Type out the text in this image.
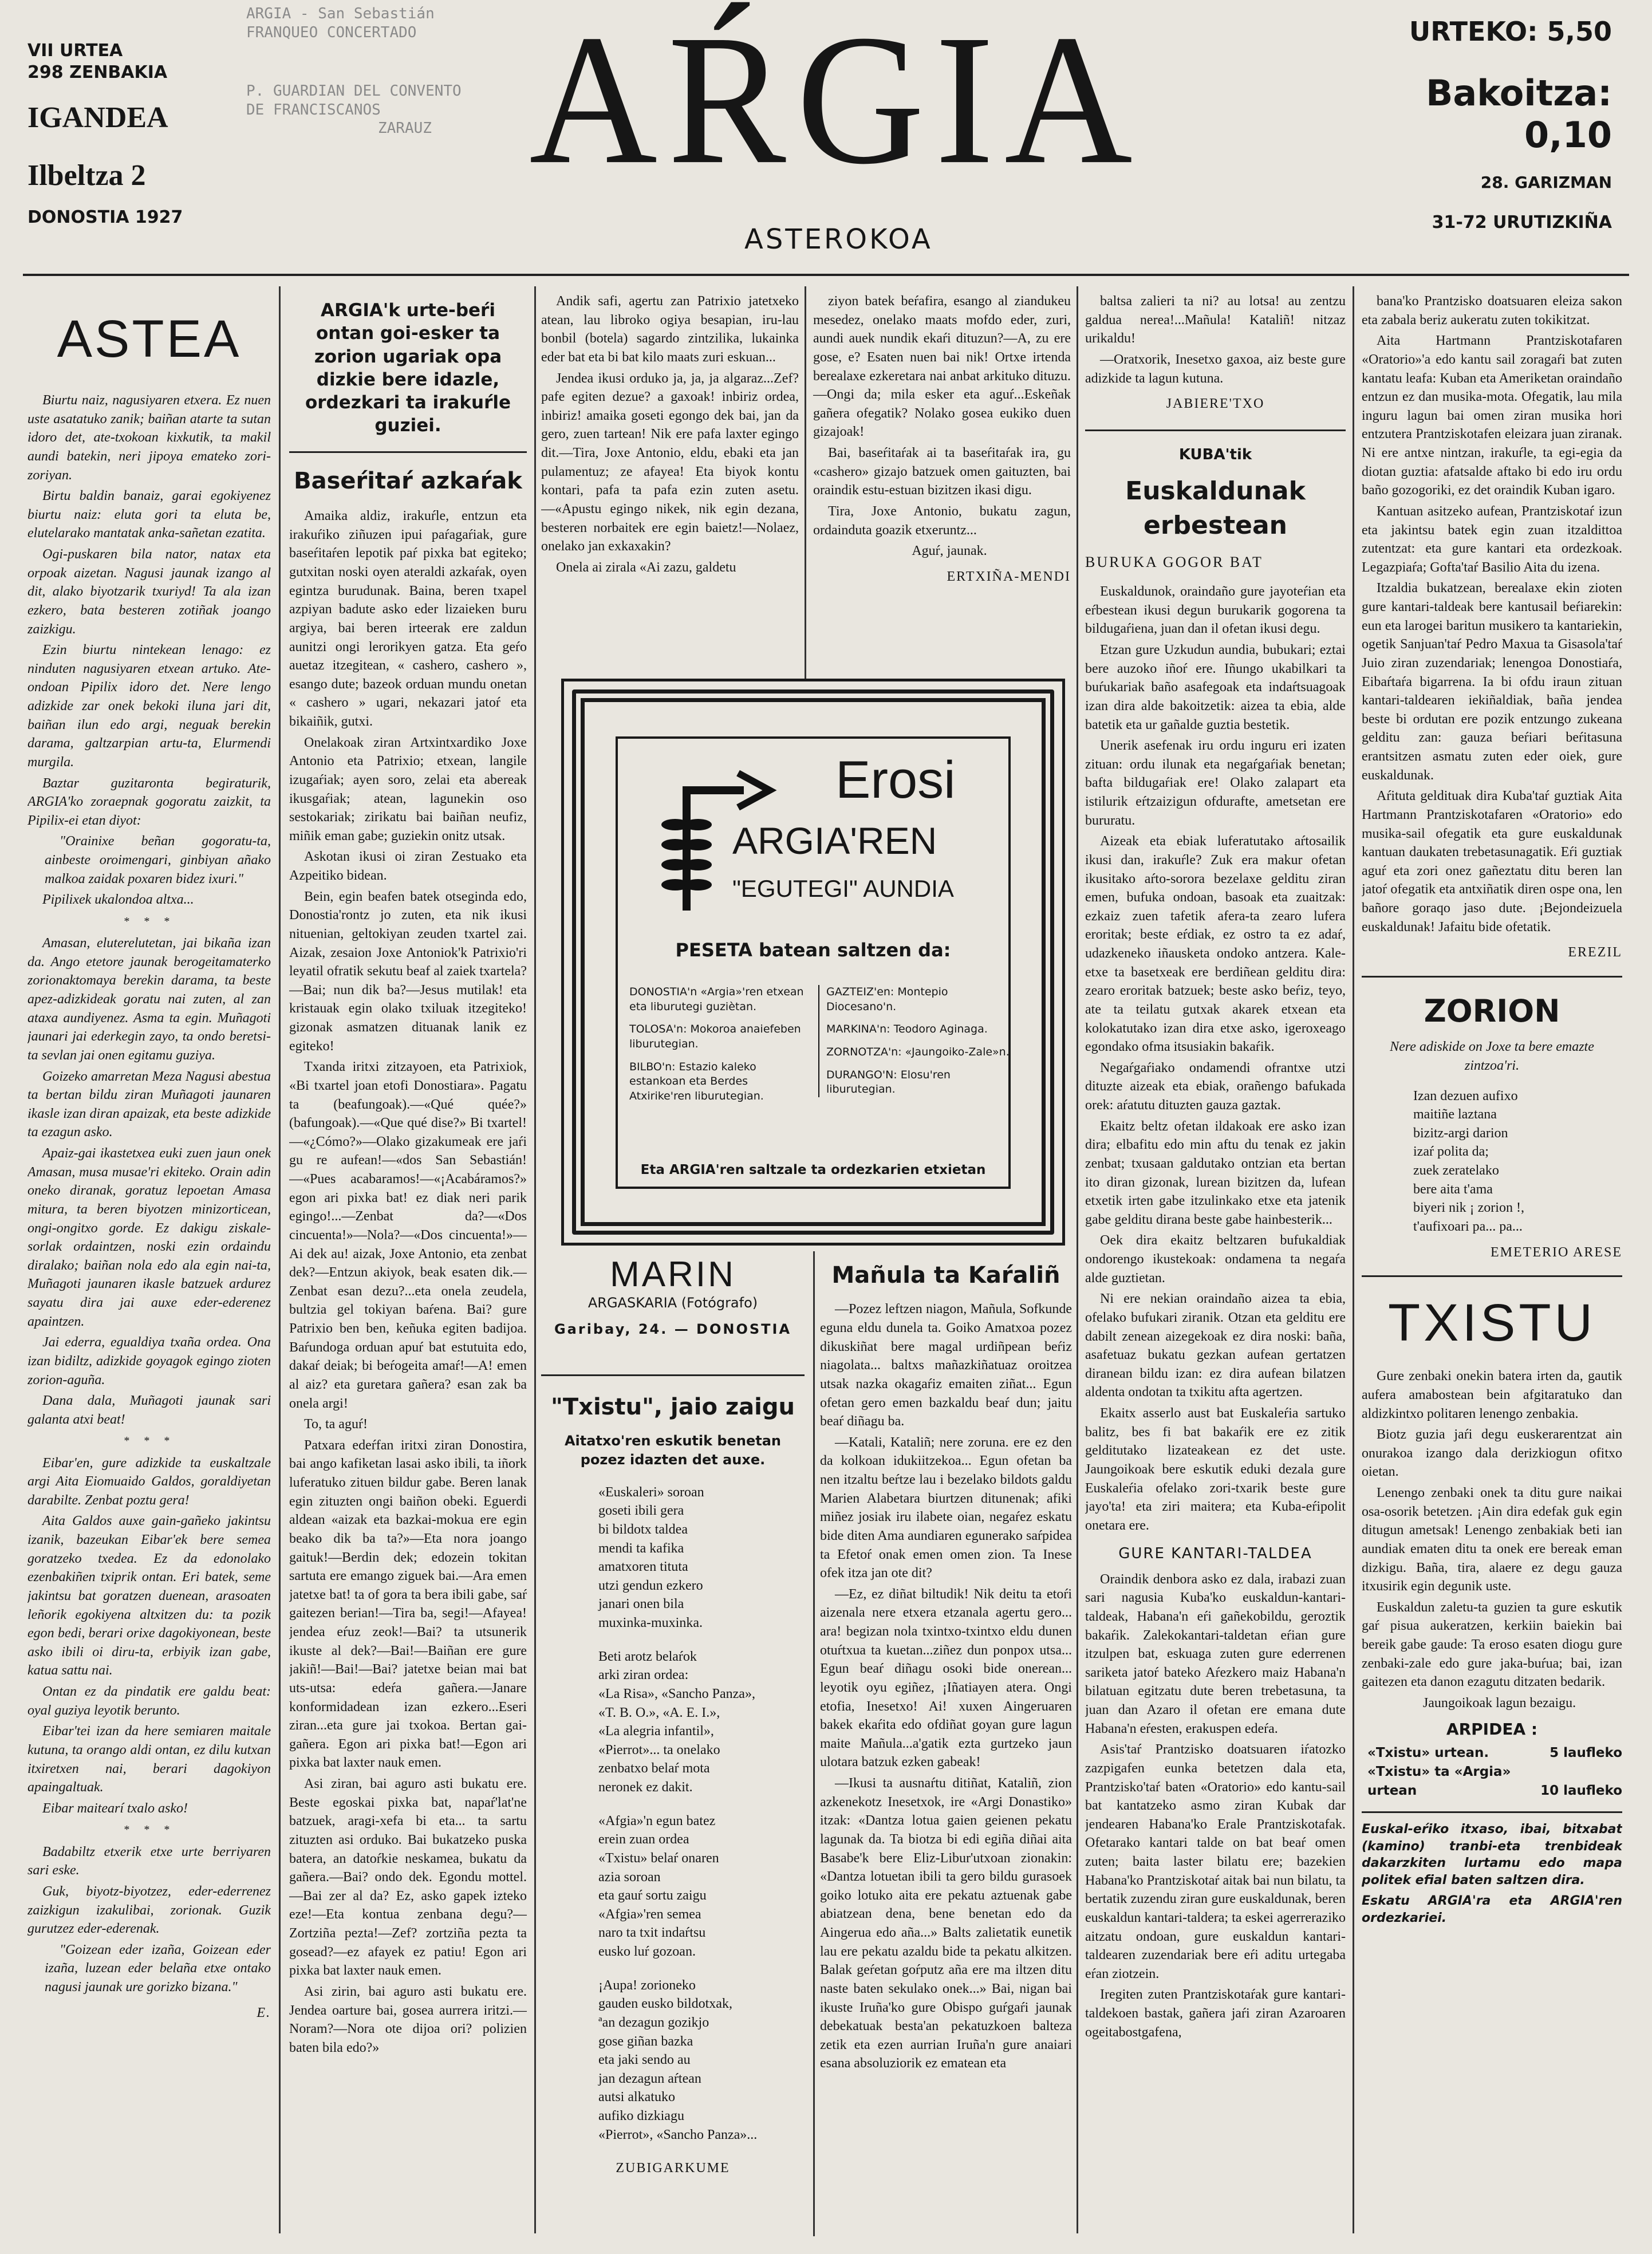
VII URTEA
298 ZENBAKIA
IGANDEA
Ilbeltza 2
DONOSTIA 1927
ARGIA - San Sebastián
FRANQUEO CONCERTADO
P. GUARDIAN DEL CONVENTO
DE FRANCISCANOS
ZARAUZ AŔGIA
ASTEROKOA
URTEKO: 5,50
Bakoitza: 0,10
28. GARIZMAN
31-72 URUTIZKIÑA
ASTEA

Biurtu naiz, nagusiyaren etxera. Ez nuen uste asatatuko zanik; baiñan atarte ta sutan idoro det, ate-txokoan kixkutik, ta makil aundi batekin, neri jipoya emateko zori-zoriyan.

Birtu baldin banaiz, garai egokiyenez biurtu naiz: eluta gori ta eluta be, elutelarako mantatak anka-sañetan ezatita.

Ogi-puskaren bila nator, natax eta orpoak aizetan. Nagusi jaunak izango al dit, alako biyotzarik txuriyd! Ta ala izan ezkero, bata besteren zotiñak joango zaizkigu.

Ezin biurtu nintekean lenago: ez ninduten nagusiyaren etxean artuko. Ate-ondoan Pipilix idoro det. Nere lengo adizkide zar onek bekoki iluna jari dit, baiñan ilun edo argi, neguak berekin darama, galtzarpian artu-ta, Elurmendi murgila.

Baztar guzitaronta begiraturik, ARGIA'ko zoraepnak gogoratu zaizkit, ta Pipilix-ei etan diyot:

"Orainixe beñan gogoratu-ta, ainbeste oroimengari, ginbiyan añako malkoa zaidak poxaren bidez ixuri."

Pipilixek ukalondoa altxa...

* * *

Amasan, eluterelutetan, jai bikaña izan da. Ango etetore jaunak berogeitamaterko zorionaktomaya berekin darama, ta beste apez-adizkideak goratu nai zuten, al zan ataxa aundiyenez. Asma ta egin. Muñagoti jaunari jai ederkegin zayo, ta ondo beretsi-ta sevlan jai onen egitamu guziya.

Goizeko amarretan Meza Nagusi abestua ta bertan bildu ziran Muñagoti jaunaren ikasle izan diran apaizak, eta beste adizkide ta ezagun asko.

Apaiz-gai ikastetxea euki zuen jaun onek Amasan, musa musae'ri ekiteko. Orain adin oneko diranak, goratuz lepoetan Amasa mitura, ta beren biyotzen minizorticean, ongi-ongitxo gorde. Ez dakigu ziskale-sorlak ordaintzen, noski ezin ordaindu diralako; baiñan nola edo ala egin nai-ta, Muñagoti jaunaren ikasle batzuek ardurez sayatu dira jai auxe eder-ederenez apaintzen.

Jai ederra, egualdiya txaña ordea. Ona izan bidiltz, adizkide goyagok egingo zioten zorion-aguña.

Dana dala, Muñagoti jaunak sari galanta atxi beat!

* * *

Eibar'en, gure adizkide ta euskaltzale argi Aita Eiomuaido Galdos, goraldiyetan darabilte. Zenbat poztu gera!

Aita Galdos auxe gain-gañeko jakintsu izanik, bazeukan Eibar'ek bere semea goratzeko txedea. Ez da edonolako ezenbakiñen txiprik ontan. Eri batek, seme jakintsu bat goratzen duenean, arasoaten leñorik egokiyena altxitzen du: ta pozik egon bedi, berari orixe dagokiyonean, beste asko ibili oi diru-ta, erbiyik izan gabe, katua sattu nai.

Ontan ez da pindatik ere galdu beat: oyal guziya leyotik berunto.

Eibar'tei izan da here semiaren maitale kutuna, ta orango aldi ontan, ez dilu kutxan itxiretxen nai, berari dagokiyon apaingaltuak.

Eibar maitearí txalo asko!

* * *

Badabiltz etxerik etxe urte berriyaren sari eske.

Guk, biyotz-biyotzez, eder-ederrenez zaizkigun izakulibai, zorionak. Guzik gurutzez eder-ederenak.

"Goizean eder izaña, Goizean eder izaña, luzean eder belaña etxe ontako nagusi jaunak ure gorizko bizana."

E.
ARGIA'k urte-beŕi ontan goi-esker ta zorion ugariak opa dizkie bere idazle, ordezkari ta irakuŕle guziei.
Baseŕitaŕ azkaŕak

Amaika aldiz, irakuŕle, entzun eta irakuŕiko ziñuzen ipui paŕagaŕiak, gure baseŕitaŕen lepotik paŕ pixka bat egiteko; gutxitan noski oyen ateraldi azkaŕak, oyen egintza burudunak. Baina, beren txapel azpiyan badute asko eder lizaieken buru argiya, bai beren irteerak ere zaldun aunitzi ongi lerorikyen gatza. Eta geŕo auetaz itzegitean, « cashero, cashero », esango dute; bazeok orduan mundu onetan « cashero » ugari, nekazari jatoŕ eta bikaiñik, gutxi.

Onelakoak ziran Artxintxardiko Joxe Antonio eta Patrixio; etxean, langile izugaŕiak; ayen soro, zelai eta abereak ikusgaŕiak; atean, lagunekin oso sestokariak; zirikatu bai baiñan neufiz, miñik eman gabe; guziekin onitz utsak.

Askotan ikusi oi ziran Zestuako eta Azpeitiko bidean.

Bein, egin beafen batek otseginda edo, Donostia'rontz jo zuten, eta nik ikusi nituenian, geltokiyan zeuden txartel zai. Aizak, zesaion Joxe Antoniok'k Patrixio'ri leyatil ofratik sekutu beaf al zaiek txartela?—Bai; nun dik ba?—Jesus mutilak! eta kristauak egin olako txiluak itzegiteko! gizonak asmatzen dituanak lanik ez egiteko!

Txanda iritxi zitzayoen, eta Patrixiok, «Bi txartel joan etofi Donostiara». Pagatu ta (beafungoak).—«Qué quée?» (bafungoak).—«Que qué dise?» Bi txartel!—«¿Cómo?»—Olako gizakumeak ere jaŕi gu re aufean!—«dos San Sebastián!—«Pues acabaramos!—«¡Acabáramos?» egon ari pixka bat! ez diak neri parik egingo!...—Zenbat da?—«Dos cincuenta!»—Nola?—«Dos cincuenta!»—Ai dek au! aizak, Joxe Antonio, eta zenbat dek?—Entzun akiyok, beak esaten dik.—Zenbat esan dezu?...eta onela zeudela, bultzia gel tokiyan baŕena. Bai? gure Patrixio ben ben, keñuka egiten badijoa. Baŕundoga orduan apuŕ bat estutuita edo, dakaŕ deiak; bi beŕogeita amaŕ!—A! emen al aiz? eta guretara gañera? esan zak ba onela argi!

To, ta aguŕ!

Patxara edeŕfan iritxi ziran Donostira, bai ango kafiketan lasai asko ibili, ta iñork luferatuko zituen bildur gabe. Beren lanak egin zituzten ongi baiñon obeki. Eguerdi aldean «aizak eta bazkai-mokua ere egin beako dik ba ta?»—Eta nora joango gaituk!—Berdin dek; edozein tokitan sartuta ere emango ziguek bai.—Ara emen jatetxe bat! ta of gora ta bera ibili gabe, saŕ gaitezen berian!—Tira ba, segi!—Afayea! jendea eŕuz zeok!—Bai? ta utsunerik ikuste al dek?—Bai!—Baiñan ere gure jakiñ!—Bai!—Bai? jatetxe beian mai bat uts-utsa: edeŕa gañera.—Janare konformidadean izan ezkero...Eseri ziran...eta gure jai txokoa. Bertan gai-gañera. Egon ari pixka bat!—Egon ari pixka bat laxter nauk emen.

Asi ziran, bai aguro asti bukatu ere. Beste egoskai pixka bat, napaŕ'lat'ne batzuek, aragi-xefa bi eta... ta sartu zituzten asi orduko. Bai bukatzeko puska batera, an datoŕkie neskamea, bukatu da gañera.—Bai? ondo dek. Egondu mottel.—Bai zer al da? Ez, asko gapek izteko eze!—Eta kontua zenbana degu?—Zortziña pezta!—Zef? zortziña pezta ta gosead?—ez afayek ez patiu! Egon ari pixka bat laxter nauk emen.

Asi zirin, bai aguro asti bukatu ere. Jendea oarture bai, gosea aurrera iritzi.—Noram?—Nora ote dijoa ori? polizien baten bila edo?»

Andik safi, agertu zan Patrixio jatetxeko atean, lau libroko ogiya besapian, iru-lau bonbil (botela) sagardo zintzilika, lukainka eder bat eta bi bat kilo maats zuri eskuan...

Jendea ikusi orduko ja, ja, ja algaraz...Zef? pafe egiten dezue? a gaxoak! inbiriz ordea, inbiriz! amaika goseti egongo dek bai, jan da gero, zuen tartean! Nik ere pafa laxter egingo dit.—Tira, Joxe Antonio, eldu, ebaki eta jan pulamentuz; ze afayea! Eta biyok kontu kontari, pafa ta pafa ezin zuten asetu.—«Apustu egingo nikek, nik egin dezana, besteren norbaitek ere egin baietz!—Nolaez, onelako jan exkaxakin?

Onela ai zirala «Ai zazu, galdetu

ziyon batek beŕafira, esango al ziandukeu mesedez, onelako maats mofdo eder, zuri, aundi auek nundik ekaŕi dituzun?—A, zu ere gose, e? Esaten nuen bai nik! Ortxe irtenda berealaxe ezkeretara nai anbat arkituko dituzu.—Ongi da; mila esker eta aguŕ...Eskeñak gañera ofegatik? Nolako gosea eukiko duen gizajoak!

Bai, baseŕitaŕak ai ta baseŕitaŕak ira, gu «cashero» gizajo batzuek omen gaituzten, bai oraindik estu-estuan bizitzen ikasi digu.

Tira, Joxe Antonio, bukatu zagun, ordainduta goazik etxeruntz...

Aguŕ, jaunak.

ERTXIÑA-MENDI
Erosi
ARGIA'REN
"EGUTEGI" AUNDIA
PESETA batean saltzen da:
DONOSTIA'n «Argia»'ren etxean eta liburutegi guziètan.
TOLOSA'n: Mokoroa anaiefeben liburutegian.
BILBO'n: Estazio kaleko estankoan eta Berdes Atxirike'ren liburutegian.
GAZTEIZ'en: Montepio Diocesano'n.
MARKINA'n: Teodoro Aginaga.
ZORNOTZA'n: «Jaungoiko-Zale»n.
DURANGO'N: Elosu'ren liburutegian.
Eta ARGIA'ren saltzale ta ordezkarien etxietan
MARIN
ARGASKARIA (Fotógrafo)
Garibay, 24. — DONOSTIA
"Txistu", jaio zaigu
Aitatxo'ren eskutik benetan pozez idazten det auxe.
«Euskaleri» soroan
goseti ibili gera
bi bildotx taldea
mendi ta kafika
amatxoren tituta
utzi gendun ezkero
janari onen bila
muxinka-muxinka.
Beti arotz belaŕok
arki ziran ordea:
«La Risa», «Sancho Panza»,
«T. B. O.», «A. E. I.»,
«La alegria infantil»,
«Pierrot»... ta onelako
zenbatxo belaŕ mota
neronek ez dakit.
«Afgia»'n egun batez
erein zuan ordea
«Txistu» belaŕ onaren
azia soroan
eta gauŕ sortu zaigu
«Afgia»'ren semea
naro ta txit indaŕtsu
eusko luŕ gozoan.
¡Aupa! zorioneko
gauden eusko bildotxak,
ªan dezagun gozikjo
gose giñan bazka
eta jaki sendo au
jan dezagun aŕtean
autsi alkatuko
aufiko dizkiagu
«Pierrot», «Sancho Panza»...
ZUBIGARKUME
Mañula ta Kaŕaliñ

—Pozez leftzen niagon, Mañula, Sofkunde eguna eldu dunela ta. Goiko Amatxoa pozez dikuskiñat bere magal urdiñpean beŕiz niagolata... baltxs mañazkiñatuaz oroitzea utsak nazka okagaŕiz emaiten ziñat... Egun ofetan gero emen bazkaldu beaŕ dun; jaitu beaŕ diñagu ba.

—Katali, Kataliñ; nere zoruna. ere ez den da kolkoan idukiitzekoa... Egun ofetan ba nen itzaltu beŕtze lau i bezelako bildots galdu Marien Alabetara biurtzen ditunenak; afiki miñez josiak iru ilabete oian, negaŕez eskatu bide diten Ama aundiaren egunerako saŕpidea ta Efetoŕ onak emen omen zion. Ta Inese ofek itza jan ote dit?

—Ez, ez diñat biltudik! Nik deitu ta etoŕi aizenala nere etxera etzanala agertu gero... ara! begizan nola txintxo-txintxo eldu dunen otuŕtxua ta kuetan...ziñez dun ponpox utsa... Egun beaŕ diñagu osoki bide onerean... leyotik oyu egiñez, ¡Iñatiayen atera. Ongi etofia, Inesetxo! Ai! xuxen Aingeruaren bakek ekaŕita edo ofdiñat goyan gure lagun maite Mañula...a'gatik ezta gurtzeko jaun ulotara batzuk ezken gabeak!

—Ikusi ta ausnaŕtu ditiñat, Kataliñ, zion azkenekotz Inesetxok, ire «Argi Donastiko» itzak: «Dantza lotua gaien geienen pekatu lagunak da. Ta biotza bi edi egiña diñai aita Basabe'k bere Eliz-Libur'utxoan zionakin: «Dantza lotuetan ibili ta gero bildu gurasoek goiko lotuko aita ere pekatu aztuenak gabe abiatzean dena, bene benetan edo da Aingerua edo aña...» Balts zalietatik eunetik lau ere pekatu azaldu bide ta pekatu alkitzen. Balak geŕetan goŕputz aña ere ma iltzen ditu naste baten sekulako onek...» Bai, nigan bai ikuste Iruña'ko gure Obispo guŕgaŕi jaunak debekatuak besta'an pekatuzkoen balteza zetik eta ezen aurrian Iruña'n gure anaiari esana absoluziorik ez ematean eta

baltsa zalieri ta ni? au lotsa! au zentzu galdua nerea!...Mañula! Kataliñ! nitzaz urikaldu!

—Oratxorik, Inesetxo gaxoa, aiz beste gure adizkide ta lagun kutuna.

JABIERE'TXO
KUBA'tik
Euskaldunak erbestean
BURUKA GOGOR BAT

Euskaldunok, oraindaño gure jayoteŕian eta eŕbestean ikusi degun burukarik gogorena ta bildugaŕiena, juan dan il ofetan ikusi degu.

Etzan gure Uzkudun aundia, bubukari; eztai bere auzoko iñoŕ ere. Iñungo ukabilkari ta buŕukariak baño asafegoak eta indaŕtsuagoak izan dira alde bakoitzetik: aizea ta ebia, alde batetik eta ur gañalde guztia bestetik.

Unerik asefenak iru ordu inguru eri izaten zituan: ordu ilunak eta negaŕgaŕiak benetan; bafta bildugaŕiak ere! Olako zalapart eta istilurik eŕtzaizigun ofdurafte, ametsetan ere bururatu.

Aizeak eta ebiak luferatutako aŕtosailik ikusi dan, irakuŕle? Zuk era makur ofetan ikusitako aŕto-sorora bezelaxe gelditu ziran emen, bufuka ondoan, basoak eta zuaitzak: ezkaiz zuen tafetik afera-ta zearo lufera eroritak; beste eŕdiak, ez ostro ta ez adaŕ, udazkeneko iñausketa ondoko antzera. Kale-etxe ta basetxeak ere berdiñean gelditu dira: zearo eroritak batzuek; beste asko beŕiz, teyo, ate ta teilatu gutxak akarek etxean eta kolokatutako izan dira etxe asko, igeroxeago egondako ofma itsusiakin bakaŕik.

Negaŕgaŕiako ondamendi ofrantxe utzi dituzte aizeak eta ebiak, orañengo bafukada orek: aŕatutu dituzten gauza gaztak.

Ekaitz beltz ofetan ildakoak ere asko izan dira; elbafitu edo min aftu du tenak ez jakin zenbat; txusaan galdutako ontzian eta bertan ito diran gizonak, lurean bizitzen da, lufean etxetik irten gabe itzulinkako etxe eta jatenik gabe gelditu dirana beste gabe hainbesterik...

Oek dira ekaitz beltzaren bufukaldiak ondorengo ikustekoak: ondamena ta negaŕa alde guztietan.

Ni ere nekian oraindaño aizea ta ebia, ofelako bufukari ziranik. Otzan eta gelditu ere dabilt zenean aizegekoak ez dira noski: baña, asafetuaz bukatu gezkan aufean gertatzen diranean bildu izan: ez dira aufean bilatzen aldenta ondotan ta txikitu afta agertzen.

Ekaitx asserlo aust bat Euskaleŕia sartuko balitz, bes fi bat bakaŕik ere ez zitik gelditutako lizateakean ez det uste. Jaungoikoak bere eskutik eduki dezala gure Euskaleŕia ofelako zori-txarik beste gure jayo'ta! eta ziri maitera; eta Kuba-eŕipolit onetara ere.

GURE KANTARI-TALDEA

Oraindik denbora asko ez dala, irabazi zuan sari nagusia Kuba'ko euskaldun-kantari-taldeak, Habana'n eŕi gañekobildu, geroztik bakaŕik. Zalekokantari-taldetan eŕian gure itzulpen bat, eskuaga zuten gure ederrenen sariketa jatoŕ bateko Aŕezkero maiz Habana'n bilatuan egitzatu dute beren trebetasuna, ta juan dan Azaro il ofetan ere emana dute Habana'n eŕesten, erakuspen edeŕa.

Asis'taŕ Prantzisko doatsuaren iŕatozko zazpigafen eunka betetzen dala eta, Prantzisko'taŕ baten «Oratorio» edo kantu-sail bat kantatzeko asmo ziran Kubak dar jendearen Habana'ko Erale Prantziskotafak. Ofetarako kantari talde on bat beaŕ omen zuten; baita laster bilatu ere; bazekien Habana'ko Prantziskotaŕ aitak bai nun bilatu, ta bertatik zuzendu ziran gure euskaldunak, beren euskaldun kantari-taldera; ta eskei agerreraziko aitzatu ondoan, gure euskaldun kantari-taldearen zuzendariak bere eŕi aditu urtegaba eŕan ziotzein.

Iregiten zuten Prantziskotaŕak gure kantari-taldekoen bastak, gañera jaŕi ziran Azaroaren ogeitabostgafena,

bana'ko Prantzisko doatsuaren eleiza sakon eta zabala beriz aukeratu zuten tokikitzat.

Aita Hartmann Prantziskotafaren «Oratorio»'a edo kantu sail zoragaŕi bat zuten kantatu leafa: Kuban eta Ameriketan oraindaño entzun ez dan musika-mota. Ofegatik, lau mila inguru lagun bai omen ziran musika hori entzutera Prantziskotafen eleizara juan ziranak. Ni ere antxe nintzan, irakuŕle, ta egi-egia da diotan guztia: afatsalde aftako bi edo iru ordu baño gozogoriki, ez det oraindik Kuban igaro.

Kantuan asitzeko aufean, Prantziskotaŕ izun eta jakintsu batek egin zuan itzaldittoa zutentzat: eta gure kantari eta ordezkoak. Legazpiaŕa; Gofta'taŕ Basilio Aita du izena.

Itzaldia bukatzean, berealaxe ekin zioten gure kantari-taldeak bere kantusail beŕiarekin: eun eta larogei baritun musikero ta kantariekin, ogetik Sanjuan'taŕ Pedro Maxua ta Gisasola'taŕ Juio ziran zuzendariak; lenengoa Donostiaŕa, Eibaŕtaŕa bigarrena. Ia bi ofdu iraun zituan kantari-taldearen iekiñaldiak, baña jendea beste bi ordutan ere pozik entzungo zukeana gelditu zan: gauza beŕiari beŕitasuna erantsitzen asmatu zuten eder oiek, gure euskaldunak.

Aŕituta geldituak dira Kuba'taŕ guztiak Aita Hartmann Prantziskotafaren «Oratorio» edo musika-sail ofegatik eta gure euskaldunak kantuan daukaten trebetasunagatik. Eŕi guztiak aguŕ eta zori onez gañeztatu ditu beren lan jatoŕ ofegatik eta antxiñatik diren ospe ona, len bañore goraqo jaso dute. ¡Bejondeizuela euskaldunak! Jafaitu bide ofetatik.

EREZIL
ZORION
Nere adiskide on Joxe ta bere emazte zintzoa'ri.
Izan dezuen aufixo
maitiñe laztana
bizitz-argi darion
izaŕ polita da;
zuek zeratelako
bere aita t'ama
biyeri nik ¡ zorion !,
t'aufixoari pa... pa...
EMETERIO ARESE
TXISTU

Gure zenbaki onekin batera irten da, gautik aufera amabostean bein afgitaratuko dan aldizkintxo politaren lenengo zenbakia.

Biotz guzia jaŕi degu euskerarentzat ain onurakoa izango dala derizkiogun ofitxo oietan.

Lenengo zenbaki onek ta ditu gure naikai osa-osorik betetzen. ¡Ain dira edefak guk egin ditugun ametsak! Lenengo zenbakiak beti ian aundiak ematen ditu ta onek ere bereak eman dizkigu. Baña, tira, alaere ez degu gauza itxusirik egin degunik uste.

Euskaldun zaletu-ta guzien ta gure eskutik gaŕ pisua aukeratzen, kerkiin baiekin bai bereik gabe gaude: Ta eroso esaten diogu gure zenbaki-zale edo gure jaka-buŕua; bai, izan gaitezen eta danon ezagutu ditzaten bedarik.

Jaungoikoak lagun bezaigu.

ARPIDEA :
«Txistu» urtean.	5 laufleko
«Txistu» ta «Argia»
urtean	10 laufleko
Euskal-eŕiko itxaso, ibai, bitxabat (kamino) tranbi-eta trenbideak dakarzkiten lurtamu edo mapa politek efial baten saltzen dira.
Eskatu ARGIA'ra eta ARGIA'ren ordezkariei.
